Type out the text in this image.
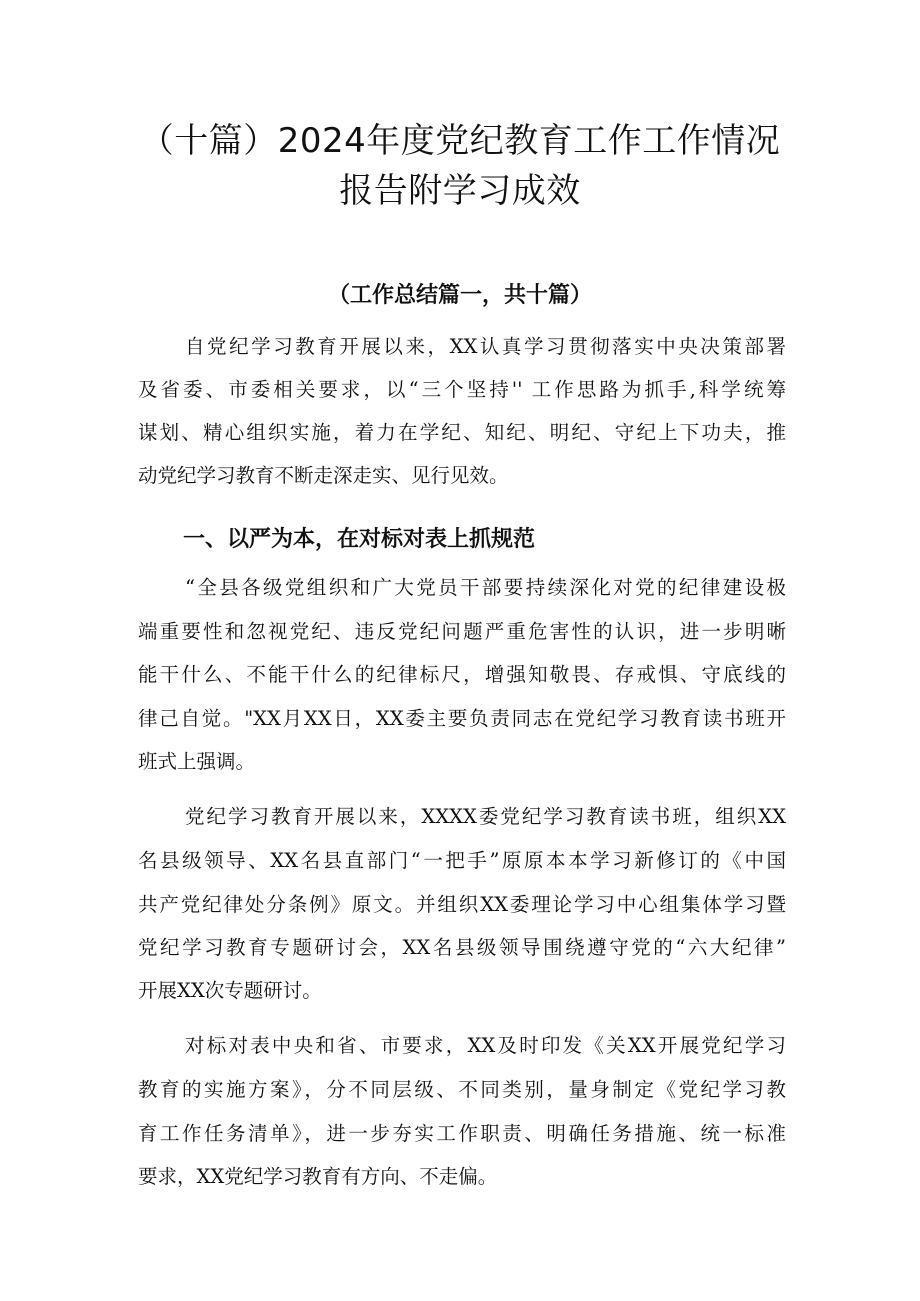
（十篇）2024年度党纪教育工作工作情况
报告附学习成效
（工作总结篇一，共十篇）
自党纪学习教育开展以来，XX认真学习贯彻落实中央决策部署
及省委、市委相关要求，以“三个坚持'' 工作思路为抓手,科学统筹
谋划、精心组织实施，着力在学纪、知纪、明纪、守纪上下功夫，推
动党纪学习教育不断走深走实、见行见效。
一、以严为本，在对标对表上抓规范
“全县各级党组织和广大党员干部要持续深化对党的纪律建设极
端重要性和忽视党纪、违反党纪问题严重危害性的认识，进一步明晰
能干什么、不能干什么的纪律标尺，增强知敬畏、存戒惧、守底线的
律己自觉。"XX月XX日，XX委主要负责同志在党纪学习教育读书班开
班式上强调。
党纪学习教育开展以来，XXXX委党纪学习教育读书班，组织XX
名县级领导、XX名县直部门“一把手”原原本本学习新修订的《中国
共产党纪律处分条例》原文。并组织XX委理论学习中心组集体学习暨
党纪学习教育专题研讨会，XX名县级领导围绕遵守党的“六大纪律”
开展XX次专题研讨。
对标对表中央和省、市要求，XX及时印发《关XX开展党纪学习
教育的实施方案》，分不同层级、不同类别，量身制定《党纪学习教
育工作任务清单》，进一步夯实工作职责、明确任务措施、统一标准
要求，XX党纪学习教育有方向、不走偏。
